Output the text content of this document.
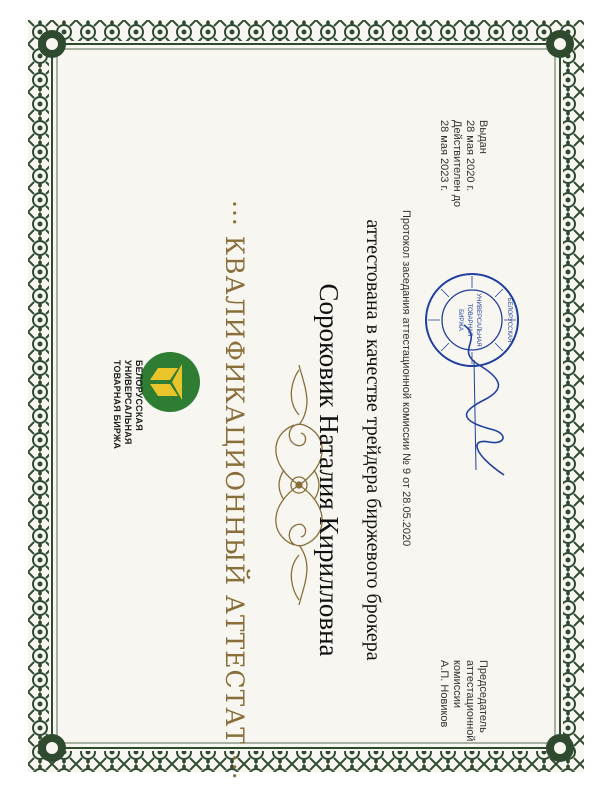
БЕЛОРУССКАЯ
УНИВЕРСАЛЬНАЯ
ТОВАРНАЯ БИРЖА	··· КВАЛИФИКАЦИОННЫЙ АТТЕСТАТ ··· Сороковик Наталия Кирилловна аттестована в качестве трейдера биржевого брокера Протокол заседания аттестационной комиссии № 9 от 28.05.2020
Выдан
28 мая 2020 г.
Действителен до
28 мая 2023 г.
БЕЛОРУССКАЯ
УНИВЕРСАЛЬНАЯ
ТОВАРНАЯ
БИРЖА
Председатель
аттестационной
комиссии
А.П. Новиков
